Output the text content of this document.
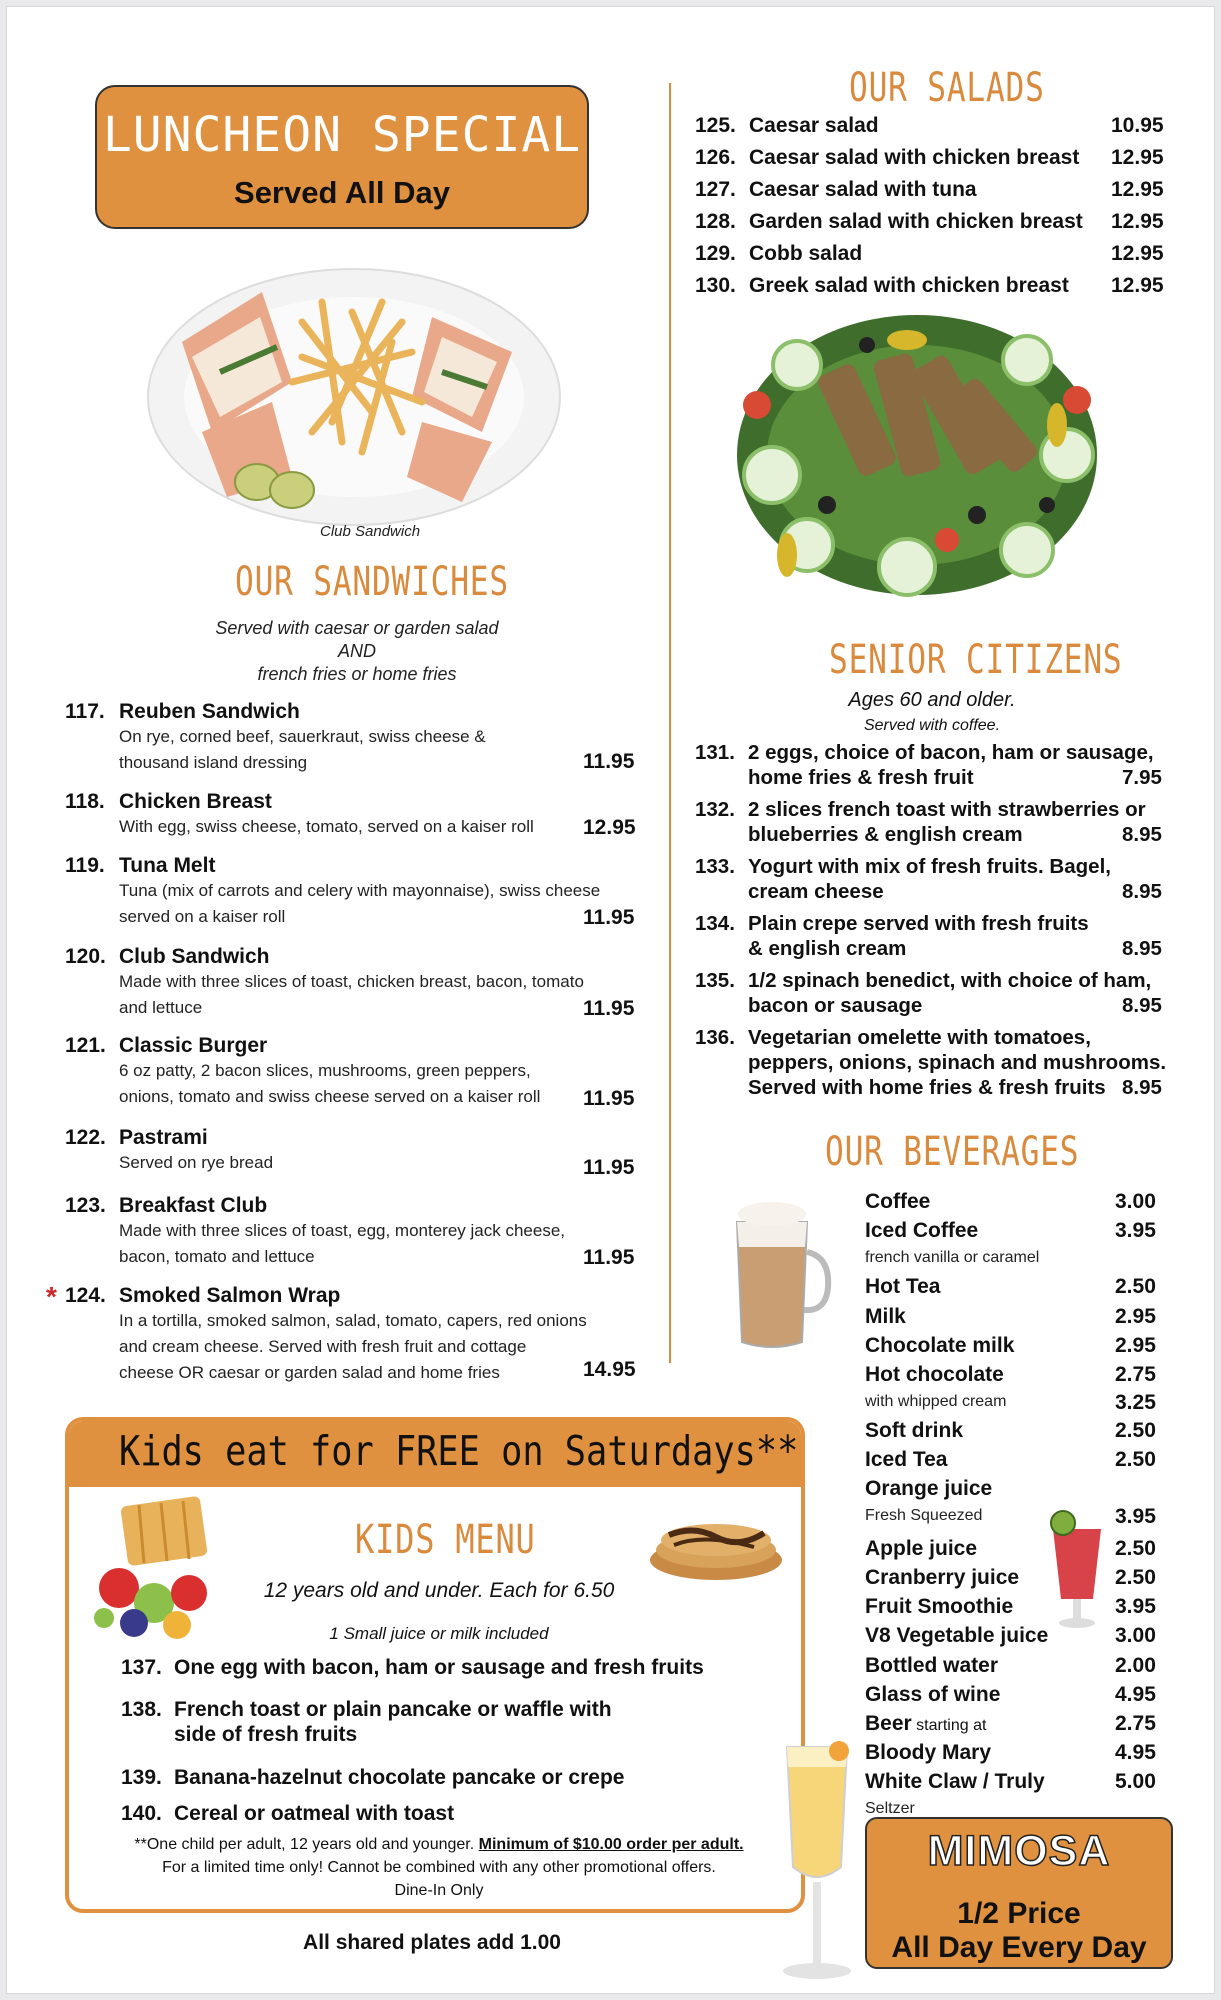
LUNCHEON SPECIAL
Served All Day
Club Sandwich
OUR SANDWICHES
Served with caesar or garden salad
AND
french fries or home fries
117. Reuben Sandwich
On rye, corned beef, sauerkraut, swiss cheese &
thousand island dressing	11.95
118. Chicken Breast
With egg, swiss cheese, tomato, served on a kaiser roll	12.95
119. Tuna Melt
Tuna (mix of carrots and celery with mayonnaise), swiss cheese
served on a kaiser roll	11.95
120. Club Sandwich
Made with three slices of toast, chicken breast, bacon, tomato
and lettuce	11.95
121. Classic Burger
6 oz patty, 2 bacon slices, mushrooms, green peppers,
onions, tomato and swiss cheese served on a kaiser roll	11.95
122. Pastrami
Served on rye bread	11.95
123. Breakfast Club
Made with three slices of toast, egg, monterey jack cheese,
bacon, tomato and lettuce	11.95
124. Smoked Salmon Wrap
In a tortilla, smoked salmon, salad, tomato, capers, red onions
and cream cheese. Served with fresh fruit and cottage
cheese OR caesar or garden salad and home fries	14.95
*
OUR SALADS
125. Caesar salad	10.95
126. Caesar salad with chicken breast 12.95
127. Caesar salad with tuna	12.95
128. Garden salad with chicken breast 12.95
129. Cobb salad	12.95
130. Greek salad with chicken breast 12.95
SENIOR CITIZENS
Ages 60 and older.
Served with coffee.
131. 2 eggs, choice of bacon, ham or sausage,
home fries & fresh fruit	7.95
132. 2 slices french toast with strawberries or
blueberries & english cream	8.95
133. Yogurt with mix of fresh fruits. Bagel,
cream cheese	8.95
134. Plain crepe served with fresh fruits
& english cream	8.95
135. 1/2 spinach benedict, with choice of ham,
bacon or sausage	8.95
136. Vegetarian omelette with tomatoes,
peppers, onions, spinach and mushrooms.
Served with home fries & fresh fruits 8.95
OUR BEVERAGES
Coffee	3.00
Iced Coffee	3.95
french vanilla or caramel
Hot Tea	2.50
Milk	2.95
Chocolate milk	2.95
Hot chocolate	2.75
with whipped cream	3.25
Soft drink	2.50
Iced Tea	2.50
Orange juice
Fresh Squeezed	3.95
Apple juice	2.50
Cranberry juice	2.50
Fruit Smoothie	3.95
V8 Vegetable juice	3.00
Bottled water	2.00
Glass of wine	4.95
Beer starting at	2.75
Bloody Mary	4.95
White Claw / Truly	5.00
Seltzer
Kids eat for FREE on Saturdays**
KIDS MENU
12 years old and under. Each for 6.50
1 Small juice or milk included
137. One egg with bacon, ham or sausage and fresh fruits
138. French toast or plain pancake or waffle with
side of fresh fruits
139. Banana-hazelnut chocolate pancake or crepe
140. Cereal or oatmeal with toast
**One child per adult, 12 years old and younger. Minimum of $10.00 order per adult.
For a limited time only! Cannot be combined with any other promotional offers.
Dine-In Only
All shared plates add 1.00
MIMOSA
1/2 Price
All Day Every Day
